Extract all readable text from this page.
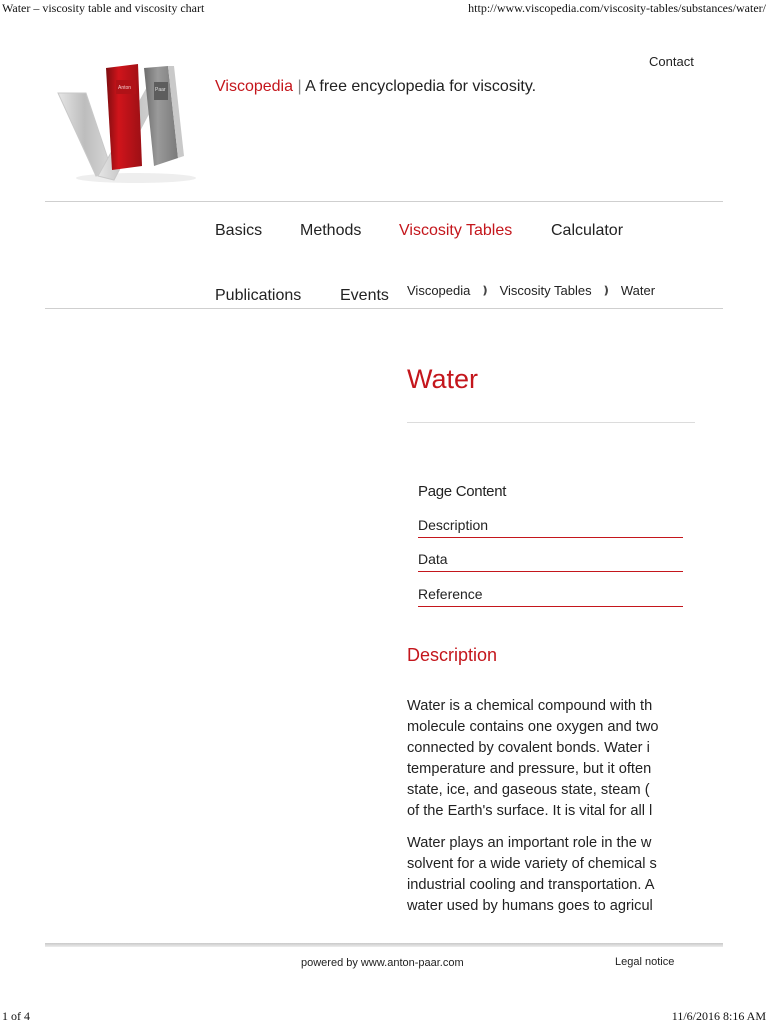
Water – viscosity table and viscosity chart	http://www.viscopedia.com/viscosity-tables/substances/water/
Contact
Anton	Paar	Viscopedia | A free encyclopedia for viscosity.
Basics Methods Viscosity Tables Calculator
Publications Events Viscopedia ❫ Viscosity Tables ❫ Water
Water
Page Content
Description
Data
Reference
Description

Water is a chemical compound with th

molecule contains one oxygen and two

connected by covalent bonds. Water i

temperature and pressure, but it often

state, ice, and gaseous state, steam (

of the Earth's surface. It is vital for all l

Water plays an important role in the w

solvent for a wide variety of chemical s

industrial cooling and transportation. A

water used by humans goes to agricul

powered by www.anton-paar.com	Legal notice
1 of 4	11/6/2016 8:16 AM
